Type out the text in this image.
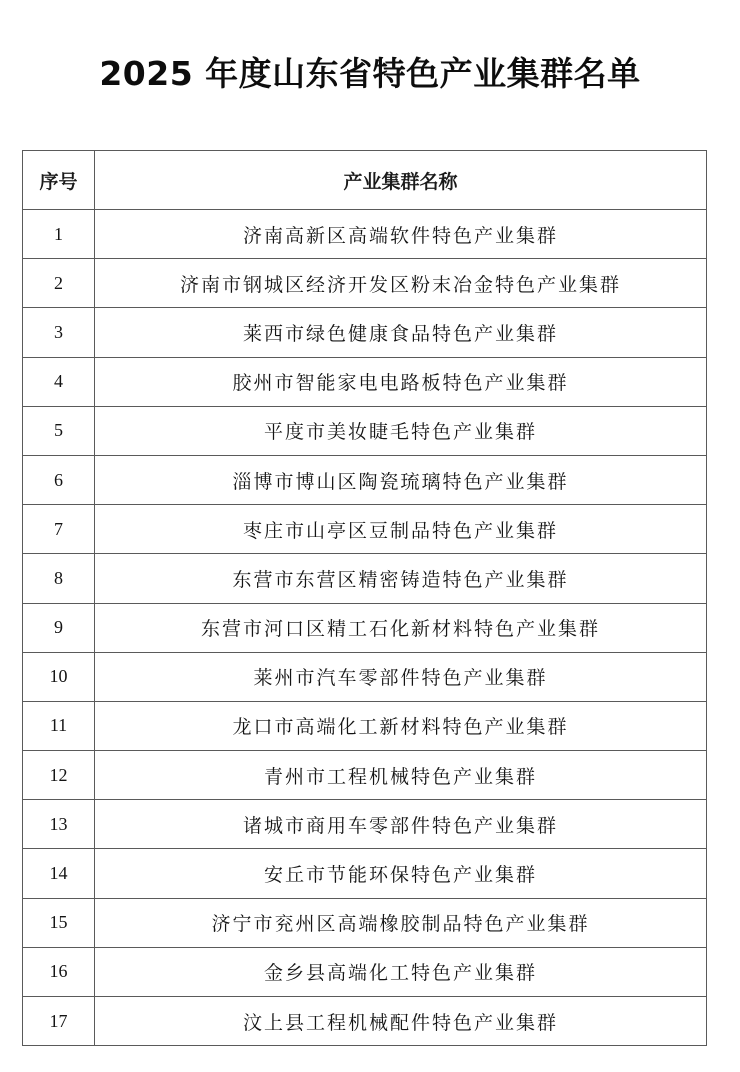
2025 年度山东省特色产业集群名单
序号	产业集群名称
1	济南高新区高端软件特色产业集群
2	济南市钢城区经济开发区粉末冶金特色产业集群
3	莱西市绿色健康食品特色产业集群
4	胶州市智能家电电路板特色产业集群
5	平度市美妆睫毛特色产业集群
6	淄博市博山区陶瓷琉璃特色产业集群
7	枣庄市山亭区豆制品特色产业集群
8	东营市东营区精密铸造特色产业集群
9	东营市河口区精工石化新材料特色产业集群
10	莱州市汽车零部件特色产业集群
11	龙口市高端化工新材料特色产业集群
12	青州市工程机械特色产业集群
13	诸城市商用车零部件特色产业集群
14	安丘市节能环保特色产业集群
15	济宁市兖州区高端橡胶制品特色产业集群
16	金乡县高端化工特色产业集群
17	汶上县工程机械配件特色产业集群
